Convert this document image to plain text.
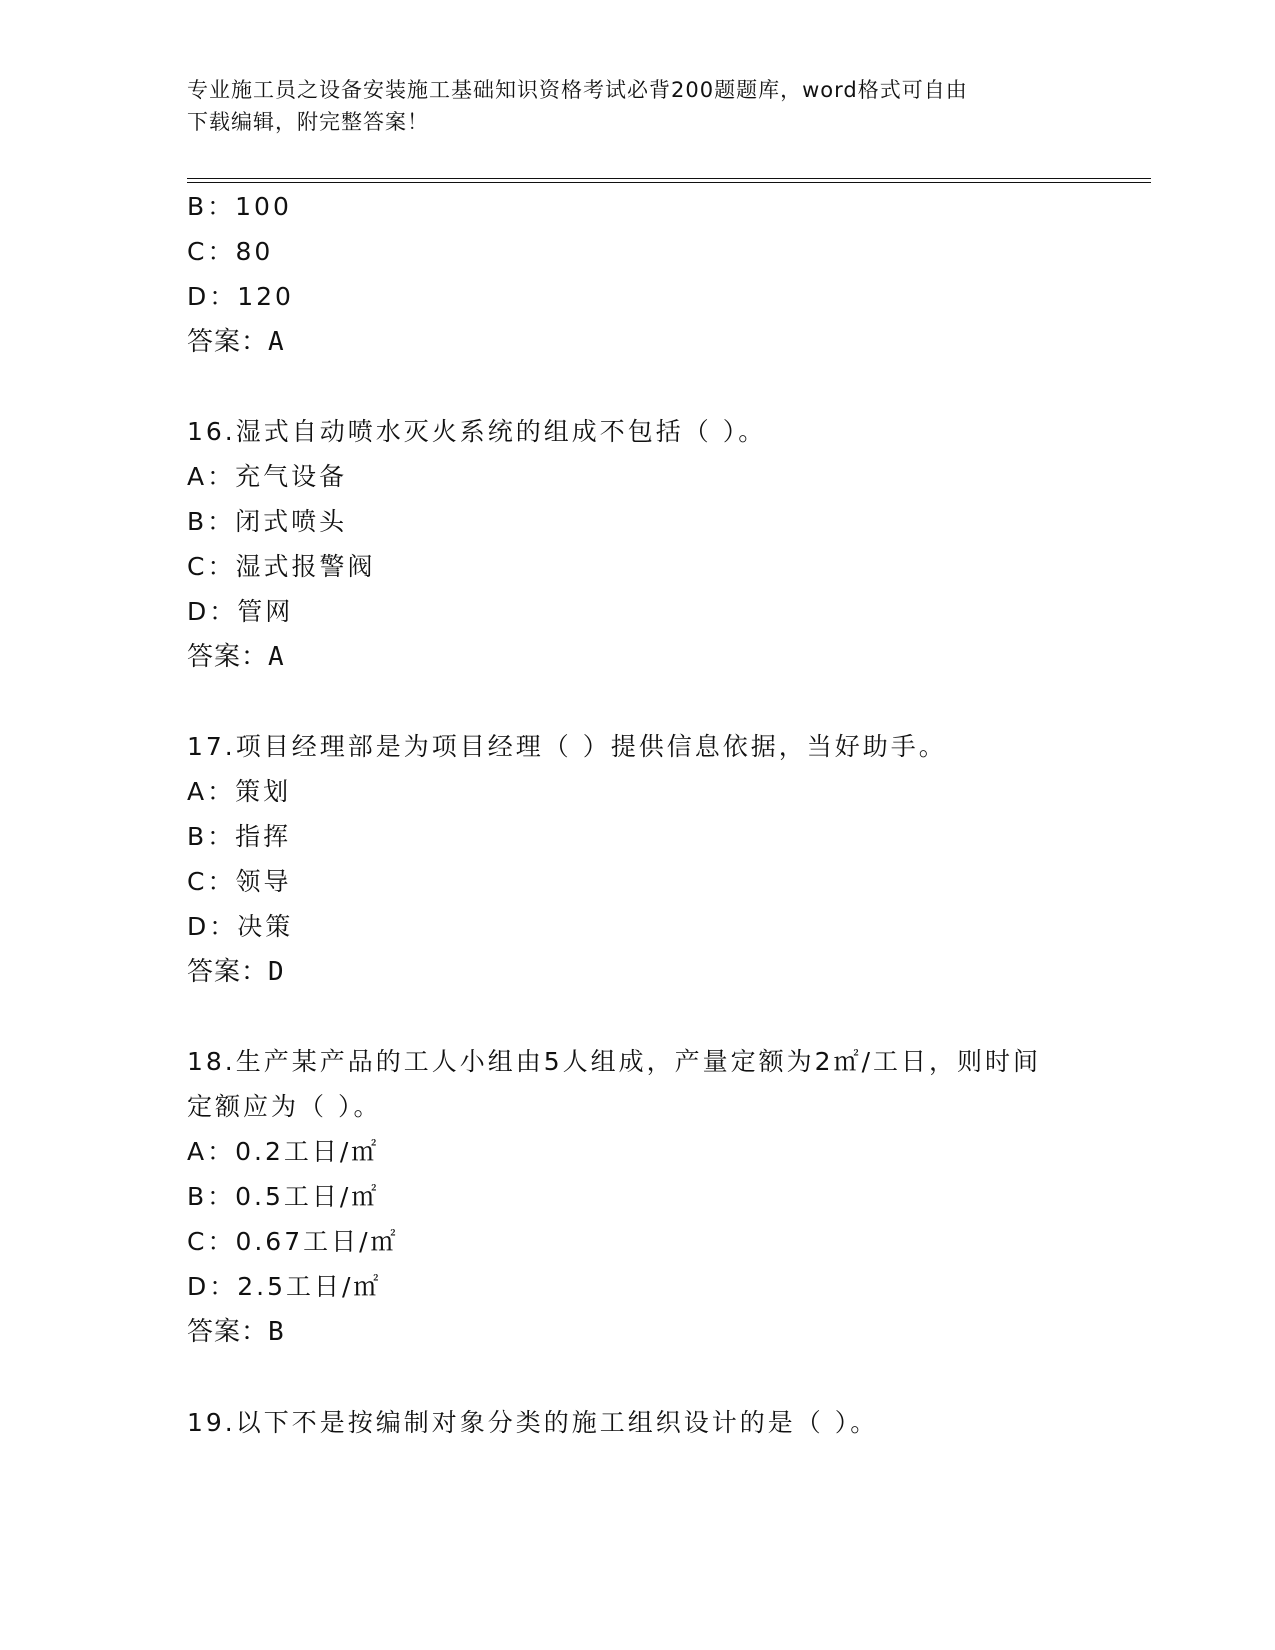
专业施工员之设备安装施工基础知识资格考试必背200题题库，word格式可自由
下载编辑，附完整答案！
B：100
C：80
D：120
答案：A
16.湿式自动喷水灭火系统的组成不包括（ ）。
A：充气设备
B：闭式喷头
C：湿式报警阀
D：管网
答案：A
17.项目经理部是为项目经理（ ）提供信息依据，当好助手。
A：策划
B：指挥
C：领导
D：决策
答案：D
18.生产某产品的工人小组由5人组成，产量定额为2㎡/工日，则时间
定额应为（ ）。
A：0.2工日/㎡
B：0.5工日/㎡
C：0.67工日/㎡
D：2.5工日/㎡
答案：B
19.以下不是按编制对象分类的施工组织设计的是（ ）。
